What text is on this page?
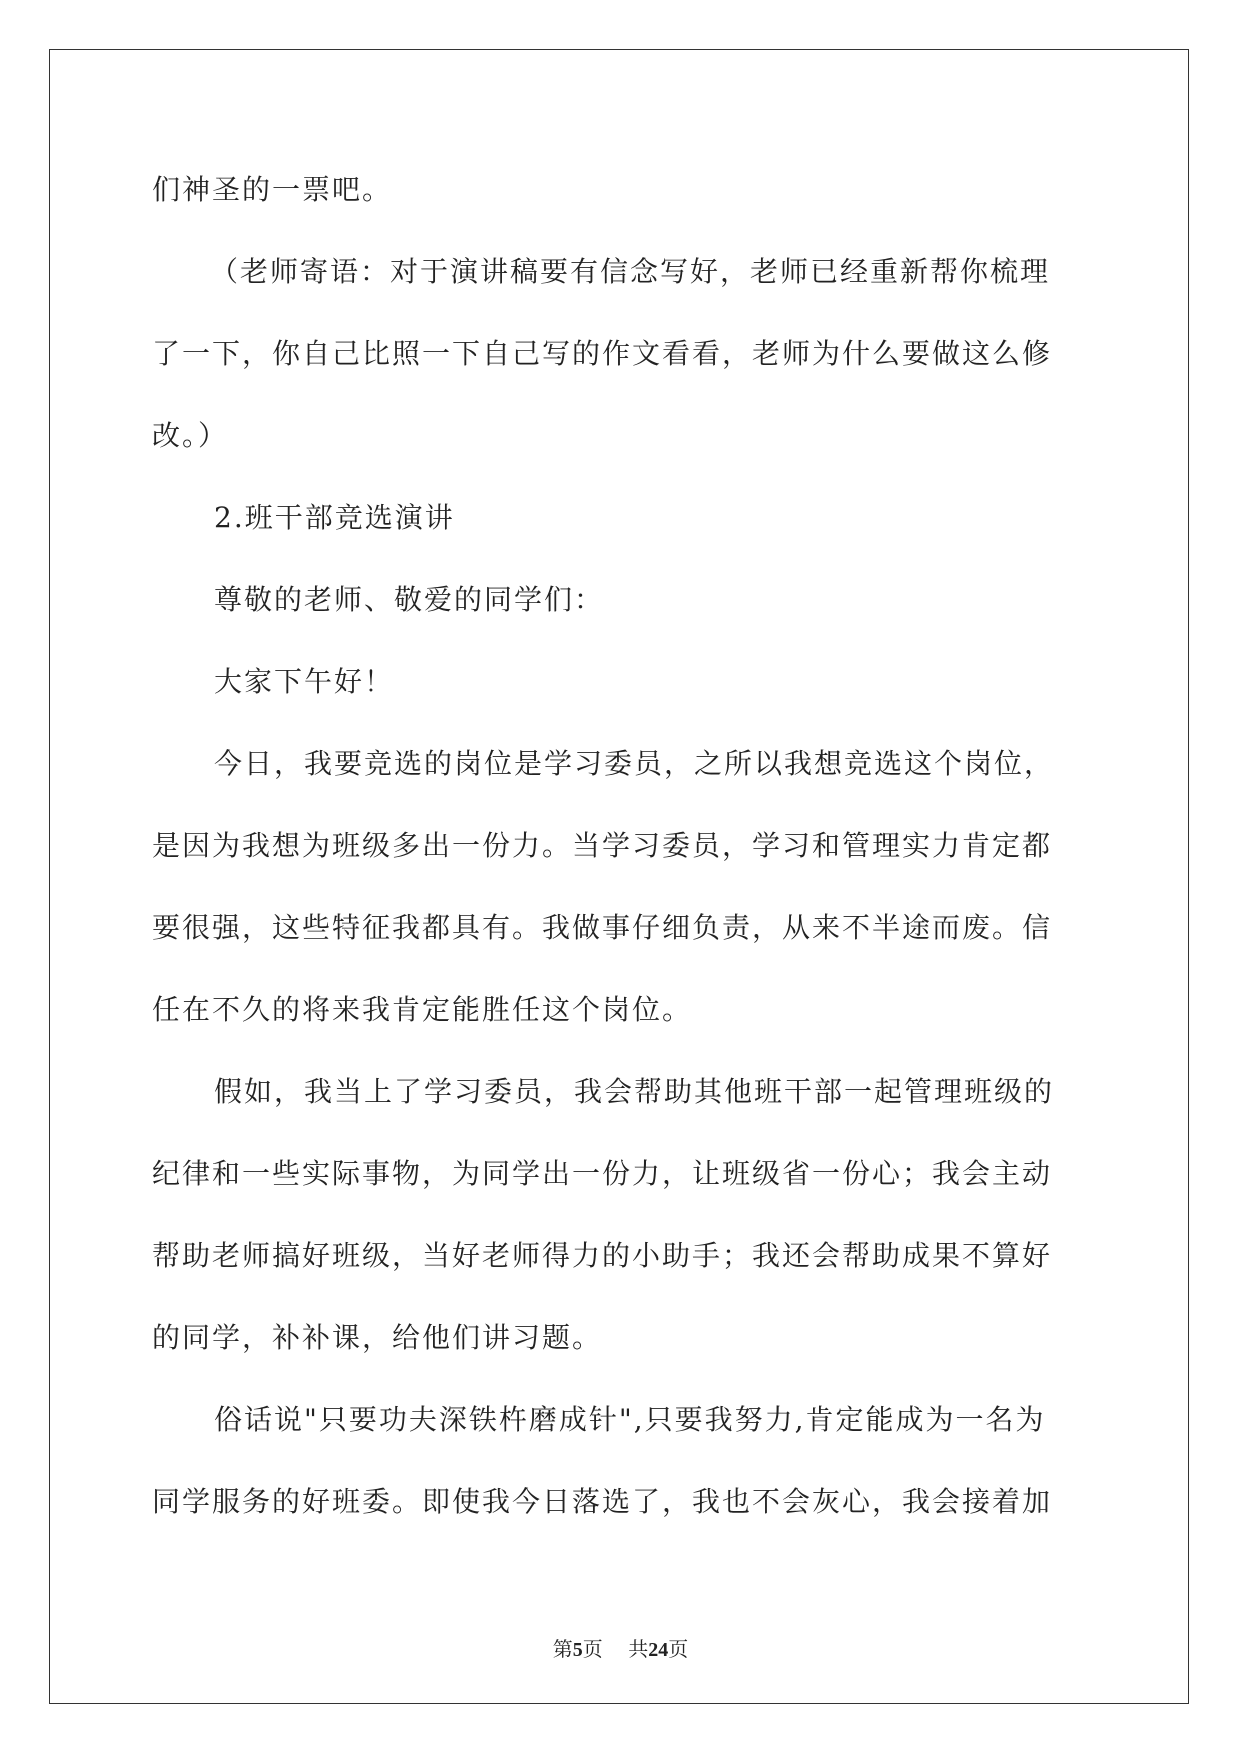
们神圣的一票吧。
（老师寄语：对于演讲稿要有信念写好，老师已经重新帮你梳理
了一下，你自己比照一下自己写的作文看看，老师为什么要做这么修
改。）
2.班干部竞选演讲
尊敬的老师、敬爱的同学们：
大家下午好！
今日，我要竞选的岗位是学习委员，之所以我想竞选这个岗位，
是因为我想为班级多出一份力。当学习委员，学习和管理实力肯定都
要很强，这些特征我都具有。我做事仔细负责，从来不半途而废。信
任在不久的将来我肯定能胜任这个岗位。
假如，我当上了学习委员，我会帮助其他班干部一起管理班级的
纪律和一些实际事物，为同学出一份力，让班级省一份心；我会主动
帮助老师搞好班级，当好老师得力的小助手；我还会帮助成果不算好
的同学，补补课，给他们讲习题。
俗话说"只要功夫深铁杵磨成针",只要我努力,肯定能成为一名为
同学服务的好班委。即使我今日落选了，我也不会灰心，我会接着加
第5页 共24页
